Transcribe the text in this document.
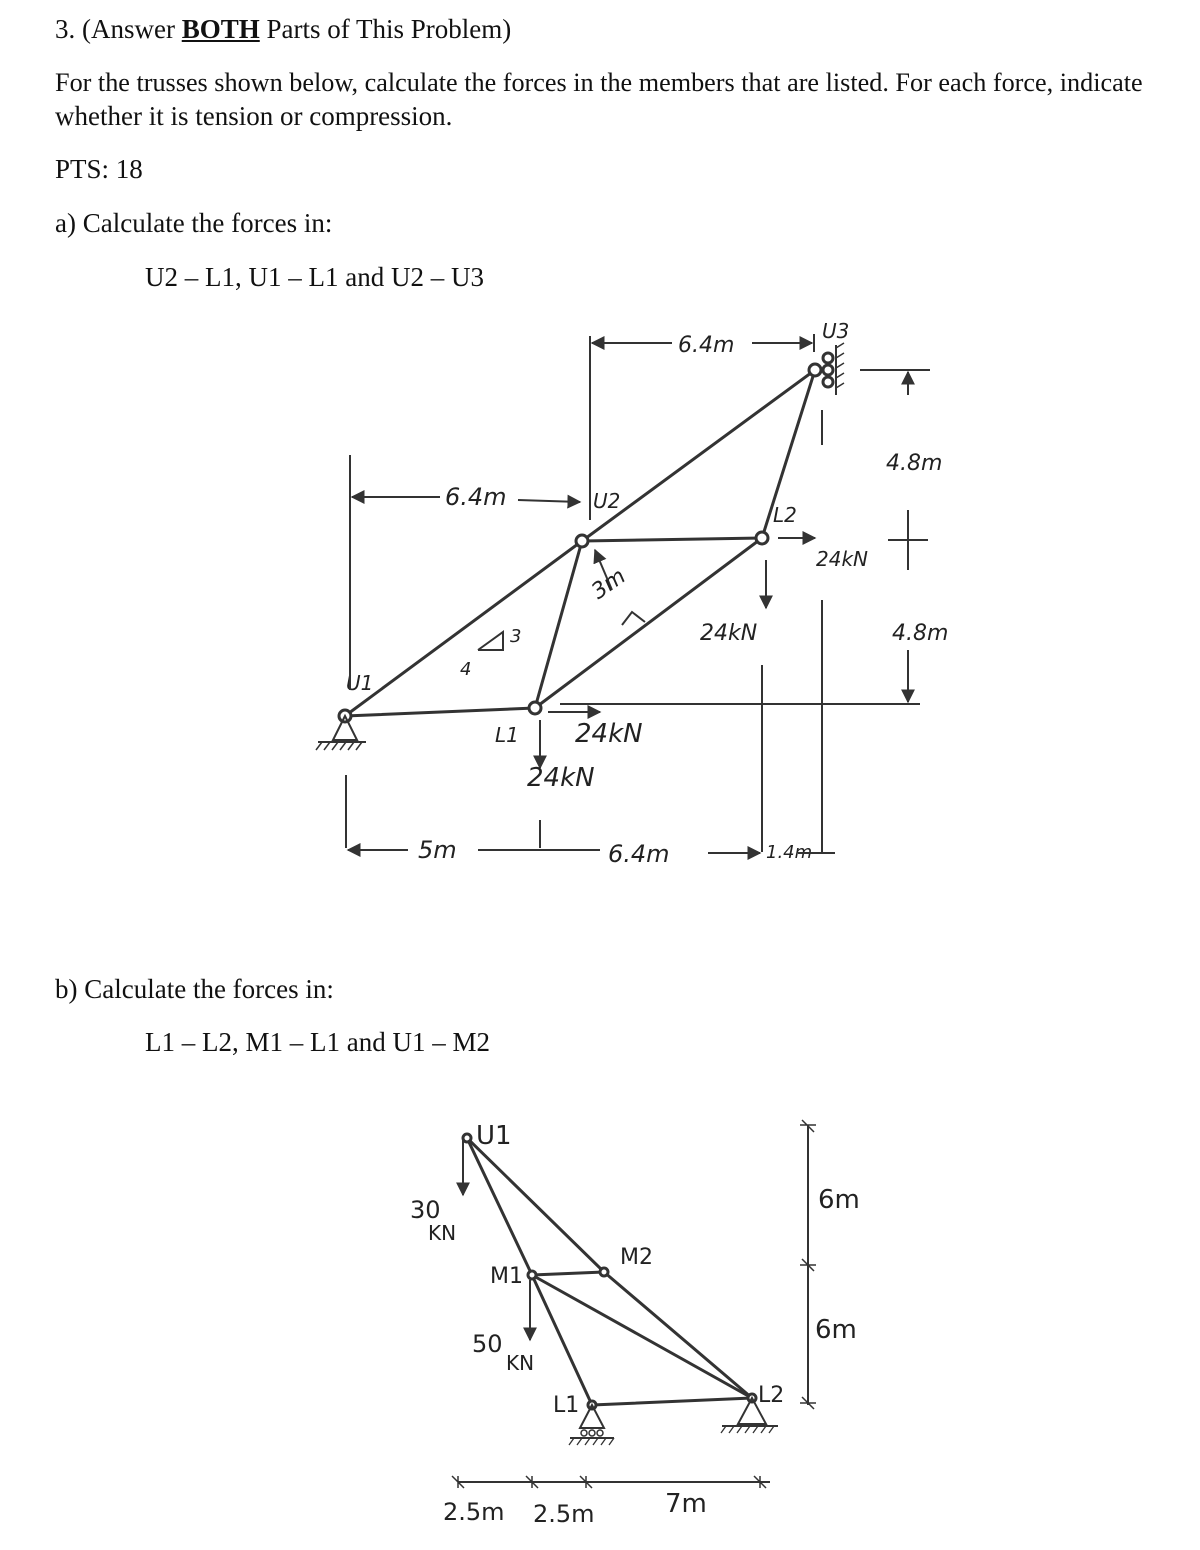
3. (Answer BOTH Parts of This Problem)
For the trusses shown below, calculate the forces in the members that are listed. For each force, indicate
whether it is tension or compression.
PTS: 18
a) Calculate the forces in:
U2 – L1, U1 – L1 and U2 – U3
b) Calculate the forces in:
L1 – L2, M1 – L1 and U1 – M2
U1
L1
U2
L2
U3
6.4m
6.4m
4.8m
4.8m
3
4
3m
24kN
24kN
24kN
24kN
5m	6.4m	1.4m
U1
M1
M2
L1	L2
30
KN
50
KN
6m
6m
2.5m 2.5m	7m
